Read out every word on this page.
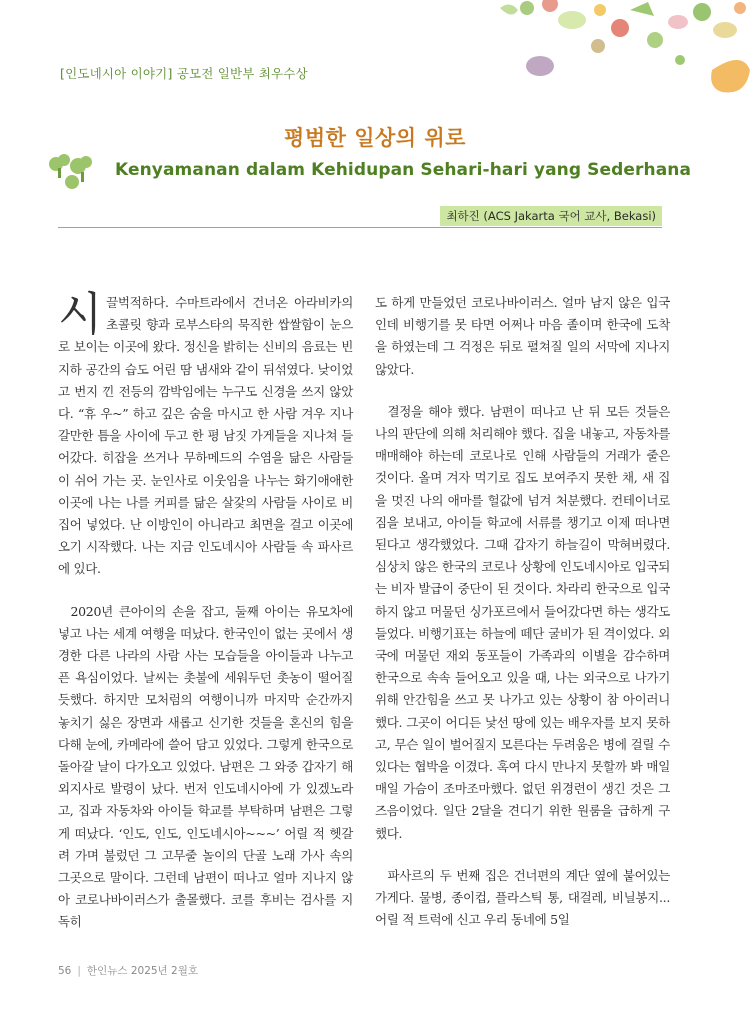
[인도네시아 이야기] 공모전 일반부 최우수상
평범한 일상의 위로
Kenyamanan dalam Kehidupan Sehari-hari yang Sederhana
최하진 (ACS Jakarta 국어 교사, Bekasi)

시끌벅적하다. 수마트라에서 건너온 아라비카의 초콜릿 향과 로부스타의 묵직한 쌉쌀함이 눈으로 보이는 이곳에 왔다. 정신을 밝히는 신비의 음료는 빈지하 공간의 습도 어린 땀 냄새와 같이 뒤섞였다. 낮이었고 번지 낀 전등의 깜박임에는 누구도 신경을 쓰지 않았다. “휴 우~” 하고 깊은 숨을 마시고 한 사람 겨우 지나갈만한 틈을 사이에 두고 한 평 남짓 가게들을 지나쳐 들어갔다. 히잡을 쓰거나 무하메드의 수염을 닮은 사람들이 쉬어 가는 곳. 눈인사로 이웃임을 나누는 화기애애한 이곳에 나는 나를 커피를 닮은 살갗의 사람들 사이로 비집어 넣었다. 난 이방인이 아니라고 최면을 걸고 이곳에 오기 시작했다. 나는 지금 인도네시아 사람들 속 파사르에 있다.

2020년 큰아이의 손을 잡고, 둘째 아이는 유모차에 넣고 나는 세계 여행을 떠났다. 한국인이 없는 곳에서 생경한 다른 나라의 사람 사는 모습들을 아이들과 나누고픈 욕심이었다. 날씨는 촛불에 세워두던 촛농이 떨어질 듯했다. 하지만 모처럼의 여행이니까 마지막 순간까지 놓치기 싫은 장면과 새롭고 신기한 것들을 혼신의 힘을 다해 눈에, 카메라에 쓸어 담고 있었다. 그렇게 한국으로 돌아갈 날이 다가오고 있었다. 남편은 그 와중 갑자기 해외지사로 발령이 났다. 번저 인도네시아에 가 있겠노라고, 집과 자동차와 아이들 학교를 부탁하며 남편은 그렇게 떠났다. ‘인도, 인도, 인도네시아~~~’ 어릴 적 헷갈려 가며 불렀던 그 고무줄 놀이의 단골 노래 가사 속의 그곳으로 말이다. 그런데 남편이 떠나고 얼마 지나지 않아 코로나바이러스가 출몰했다. 코를 후비는 검사를 지독히

도 하게 만들었던 코로나바이러스. 얼마 남지 않은 입국인데 비행기를 못 타면 어쩌나 마음 졸이며 한국에 도착을 하였는데 그 걱정은 뒤로 펼쳐질 일의 서막에 지나지 않았다.

결정을 해야 했다. 남편이 떠나고 난 뒤 모든 것들은 나의 판단에 의해 처리해야 했다. 집을 내놓고, 자동차를 매매해야 하는데 코로나로 인해 사람들의 거래가 줄은 것이다. 올며 겨자 먹기로 집도 보여주지 못한 채, 새 집을 멋진 나의 애마를 헐값에 넘겨 처분했다. 컨테이너로 짐을 보내고, 아이들 학교에 서류를 챙기고 이제 떠나면 된다고 생각했었다. 그때 갑자기 하늘길이 막혀버렸다. 심상치 않은 한국의 코로나 상황에 인도네시아로 입국되는 비자 발급이 중단이 된 것이다. 차라리 한국으로 입국하지 않고 머물던 싱가포르에서 들어갔다면 하는 생각도 들었다. 비행기표는 하늘에 떼단 굴비가 된 격이었다. 외국에 머물던 재외 동포들이 가족과의 이별을 감수하며 한국으로 속속 들어오고 있을 때, 나는 외국으로 나가기 위해 안간힘을 쓰고 못 나가고 있는 상황이 참 아이러니했다. 그곳이 어디든 낯선 땅에 있는 배우자를 보지 못하고, 무슨 일이 벌어질지 모른다는 두려움은 병에 걸릴 수 있다는 협박을 이겼다. 혹여 다시 만나지 못할까 봐 매일매일 가슴이 조마조마했다. 없던 위경련이 생긴 것은 그 즈음이었다. 일단 2달을 견디기 위한 원룸을 급하게 구했다.

파사르의 두 번째 집은 건너편의 계단 옆에 붙어있는 가게다. 물병, 종이컵, 플라스틱 통, 대걸레, 비닐봉지... 어릴 적 트럭에 신고 우리 동네에 5일

56 | 한인뉴스 2025년 2월호
